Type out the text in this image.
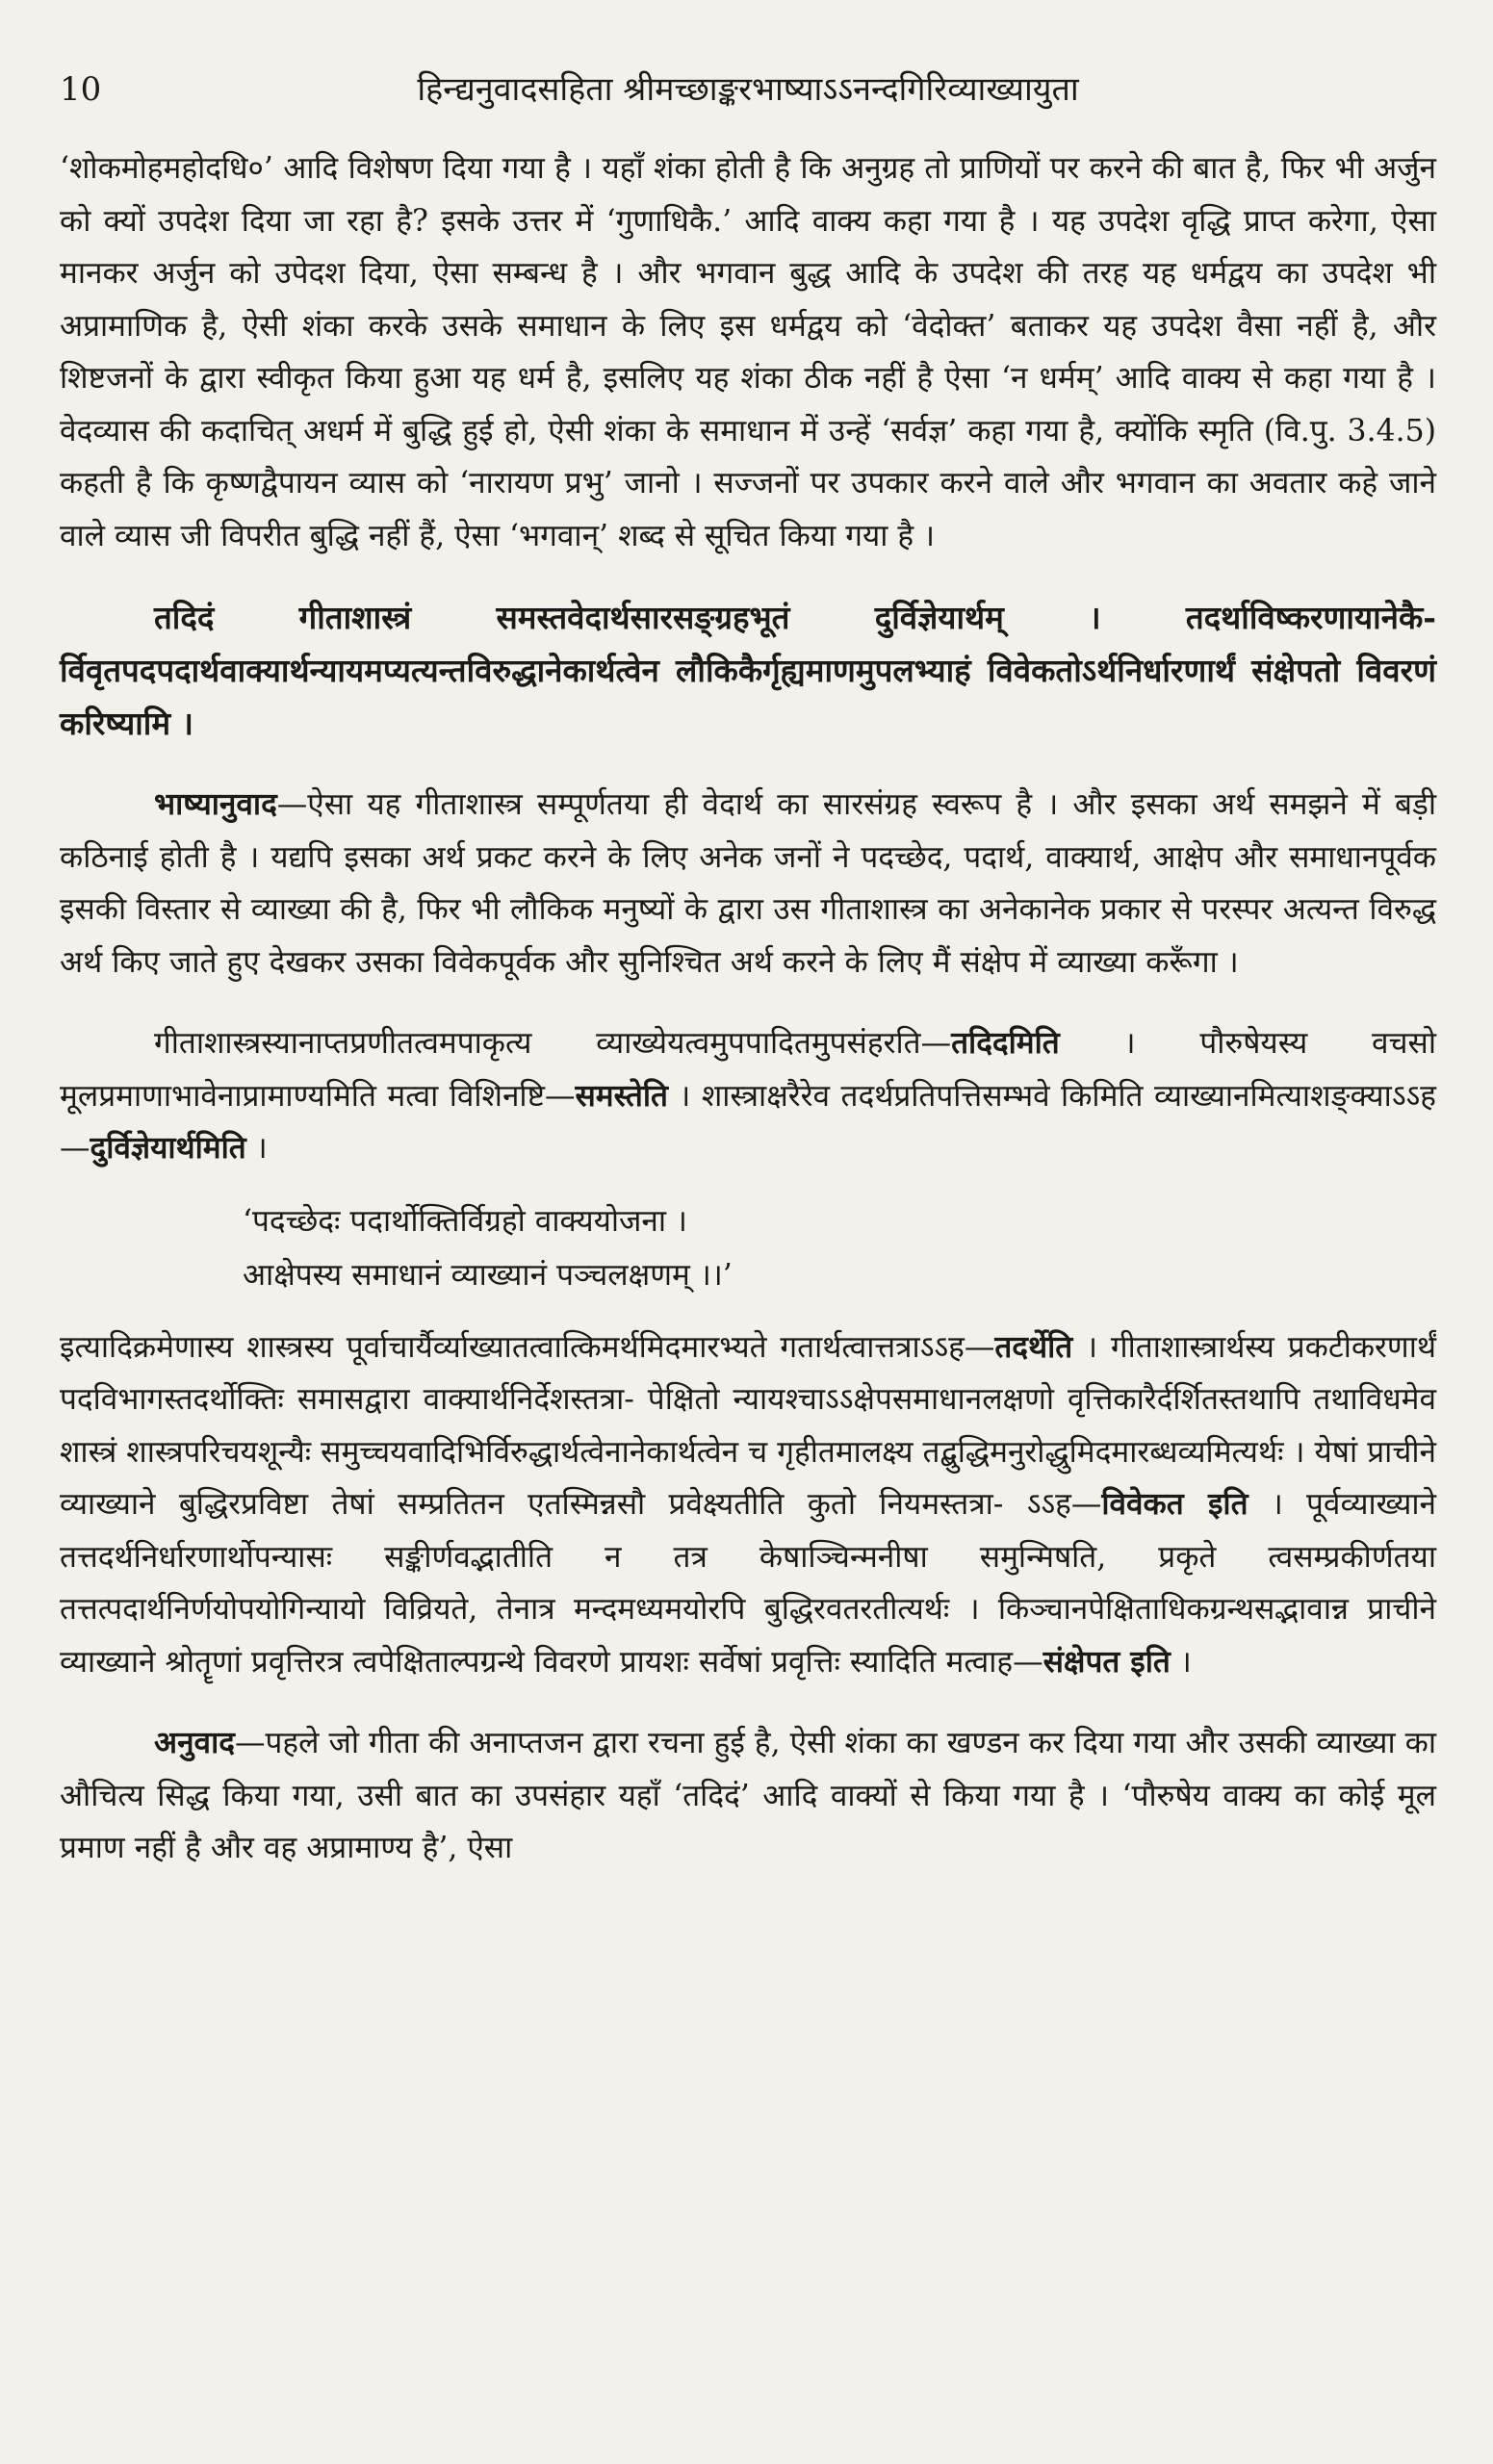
10	हिन्द्यनुवादसहिता श्रीमच्छाङ्करभाष्याऽऽनन्दगिरिव्याख्यायुता

‘शोकमोहमहोदधि०’ आदि विशेषण दिया गया है । यहाँ शंका होती है कि अनुग्रह तो प्राणियों पर करने की बात है, फिर भी अर्जुन को क्यों उपदेश दिया जा रहा है? इसके उत्तर में ‘गुणाधिकै.’ आदि वाक्य कहा गया है । यह उपदेश वृद्धि प्राप्त करेगा, ऐसा मानकर अर्जुन को उपेदश दिया, ऐसा सम्बन्ध है । और भगवान बुद्ध आदि के उपदेश की तरह यह धर्मद्वय का उपदेश भी अप्रामाणिक है, ऐसी शंका करके उसके समाधान के लिए इस धर्मद्वय को ‘वेदोक्त’ बताकर यह उपदेश वैसा नहीं है, और शिष्टजनों के द्वारा स्वीकृत किया हुआ यह धर्म है, इसलिए यह शंका ठीक नहीं है ऐसा ‘न धर्मम्’ आदि वाक्य से कहा गया है । वेदव्यास की कदाचित् अधर्म में बुद्धि हुई हो, ऐसी शंका के समाधान में उन्हें ‘सर्वज्ञ’ कहा गया है, क्योंकि स्मृति (वि.पु. 3.4.5) कहती है कि कृष्णद्वैपायन व्यास को ‘नारायण प्रभु’ जानो । सज्जनों पर उपकार करने वाले और भगवान का अवतार कहे जाने वाले व्यास जी विपरीत बुद्धि नहीं हैं, ऐसा ‘भगवान्’ शब्द से सूचित किया गया है ।

तदिदं गीताशास्त्रं समस्तवेदार्थसारसङ्ग्रहभूतं दुर्विज्ञेयार्थम् । तदर्थाविष्करणायानेकै- र्विवृतपदपदार्थवाक्यार्थन्यायमप्यत्यन्तविरुद्धानेकार्थत्वेन लौकिकैर्गृह्यमाणमुपलभ्याहं विवेकतोऽर्थनिर्धारणार्थं संक्षेपतो विवरणं करिष्यामि ।

भाष्यानुवाद—ऐसा यह गीताशास्त्र सम्पूर्णतया ही वेदार्थ का सारसंग्रह स्वरूप है । और इसका अर्थ समझने में बड़ी कठिनाई होती है । यद्यपि इसका अर्थ प्रकट करने के लिए अनेक जनों ने पदच्छेद, पदार्थ, वाक्यार्थ, आक्षेप और समाधानपूर्वक इसकी विस्तार से व्याख्या की है, फिर भी लौकिक मनुष्यों के द्वारा उस गीताशास्त्र का अनेकानेक प्रकार से परस्पर अत्यन्त विरुद्ध अर्थ किए जाते हुए देखकर उसका विवेकपूर्वक और सुनिश्चित अर्थ करने के लिए मैं संक्षेप में व्याख्या करूँगा ।

गीताशास्त्रस्यानाप्तप्रणीतत्वमपाकृत्य व्याख्येयत्वमुपपादितमुपसंहरति—तदिदमिति । पौरुषेयस्य वचसो मूलप्रमाणाभावेनाप्रामाण्यमिति मत्वा विशिनष्टि—समस्तेति । शास्त्राक्षरैरेव तदर्थप्रतिपत्तिसम्भवे किमिति व्याख्यानमित्याशङ्क्याऽऽह—दुर्विज्ञेयार्थमिति ।

‘पदच्छेदः पदार्थोक्तिर्विग्रहो वाक्ययोजना ।

आक्षेपस्य समाधानं व्याख्यानं पञ्चलक्षणम् ।।’

इत्यादिक्रमेणास्य शास्त्रस्य पूर्वाचार्यैर्व्याख्यातत्वात्किमर्थमिदमारभ्यते गतार्थत्वात्तत्राऽऽह—तदर्थेति । गीताशास्त्रार्थस्य प्रकटीकरणार्थं पदविभागस्तदर्थोक्तिः समासद्वारा वाक्यार्थनिर्देशस्तत्रा- पेक्षितो न्यायश्चाऽऽक्षेपसमाधानलक्षणो वृत्तिकारैर्दर्शितस्तथापि तथाविधमेव शास्त्रं शास्त्रपरिचयशून्यैः समुच्चयवादिभिर्विरुद्धार्थत्वेनानेकार्थत्वेन च गृहीतमालक्ष्य तद्बुद्धिमनुरोद्धुमिदमारब्धव्यमित्यर्थः । येषां प्राचीने व्याख्याने बुद्धिरप्रविष्टा तेषां सम्प्रतितन एतस्मिन्नसौ प्रवेक्ष्यतीति कुतो नियमस्तत्रा- ऽऽह—विवेकत इति । पूर्वव्याख्याने तत्तदर्थनिर्धारणार्थोपन्यासः सङ्कीर्णवद्भातीति न तत्र केषाञ्चिन्मनीषा समुन्मिषति, प्रकृते त्वसम्प्रकीर्णतया तत्तत्पदार्थनिर्णयोपयोगिन्यायो विव्रियते, तेनात्र मन्दमध्यमयोरपि बुद्धिरवतरतीत्यर्थः । किञ्चानपेक्षिताधिकग्रन्थसद्भावान्न प्राचीने व्याख्याने श्रोतॄणां प्रवृत्तिरत्र त्वपेक्षिताल्पग्रन्थे विवरणे प्रायशः सर्वेषां प्रवृत्तिः स्यादिति मत्वाह—संक्षेपत इति ।

अनुवाद—पहले जो गीता की अनाप्तजन द्वारा रचना हुई है, ऐसी शंका का खण्डन कर दिया गया और उसकी व्याख्या का औचित्य सिद्ध किया गया, उसी बात का उपसंहार यहाँ ‘तदिदं’ आदि वाक्यों से किया गया है । ‘पौरुषेय वाक्य का कोई मूल प्रमाण नहीं है और वह अप्रामाण्य है’, ऐसा
